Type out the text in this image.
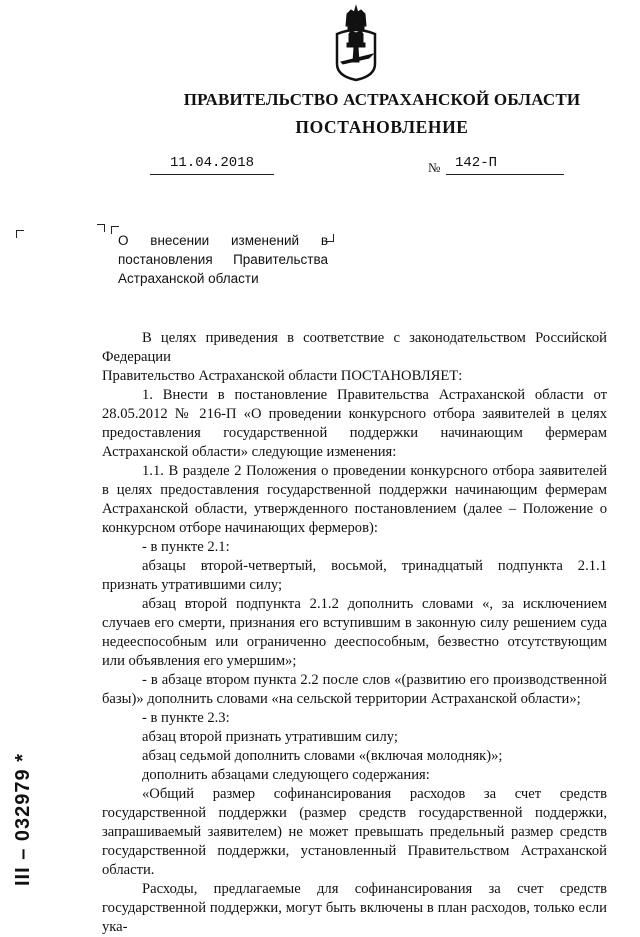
ПРАВИТЕЛЬСТВО АСТРАХАНСКОЙ ОБЛАСТИ
ПОСТАНОВЛЕНИЕ
11.04.2018	№ 142-П
О внесении изменений в постановления Правительства Астраханской области

В целях приведения в соответствие с законодательством Российской Федерации

Правительство Астраханской области ПОСТАНОВЛЯЕТ:

1. Внести в постановление Правительства Астраханской области от 28.05.2012 № 216-П «О проведении конкурсного отбора заявителей в целях предоставления государственной поддержки начинающим фермерам Астраханской области» следующие изменения:

1.1. В разделе 2 Положения о проведении конкурсного отбора заявителей в целях предоставления государственной поддержки начинающим фермерам Астраханской области, утвержденного постановлением (далее – Положение о конкурсном отборе начинающих фермеров):

- в пункте 2.1:

абзацы второй-четвертый, восьмой, тринадцатый подпункта 2.1.1 признать утратившими силу;

абзац второй подпункта 2.1.2 дополнить словами «, за исключением случаев его смерти, признания его вступившим в законную силу решением суда недееспособным или ограниченно дееспособным, безвестно отсутствующим или объявления его умершим»;

- в абзаце втором пункта 2.2 после слов «(развитию его производственной базы)» дополнить словами «на сельской территории Астраханской области»;

- в пункте 2.3:

абзац второй признать утратившим силу;

абзац седьмой дополнить словами «(включая молодняк)»;

дополнить абзацами следующего содержания:

«Общий размер софинансирования расходов за счет средств государственной поддержки (размер средств государственной поддержки, запрашиваемый заявителем) не может превышать предельный размер средств государственной поддержки, установленный Правительством Астраханской области.

Расходы, предлагаемые для софинансирования за счет средств государственной поддержки, могут быть включены в план расходов, только если ука-

III – 032979 *
